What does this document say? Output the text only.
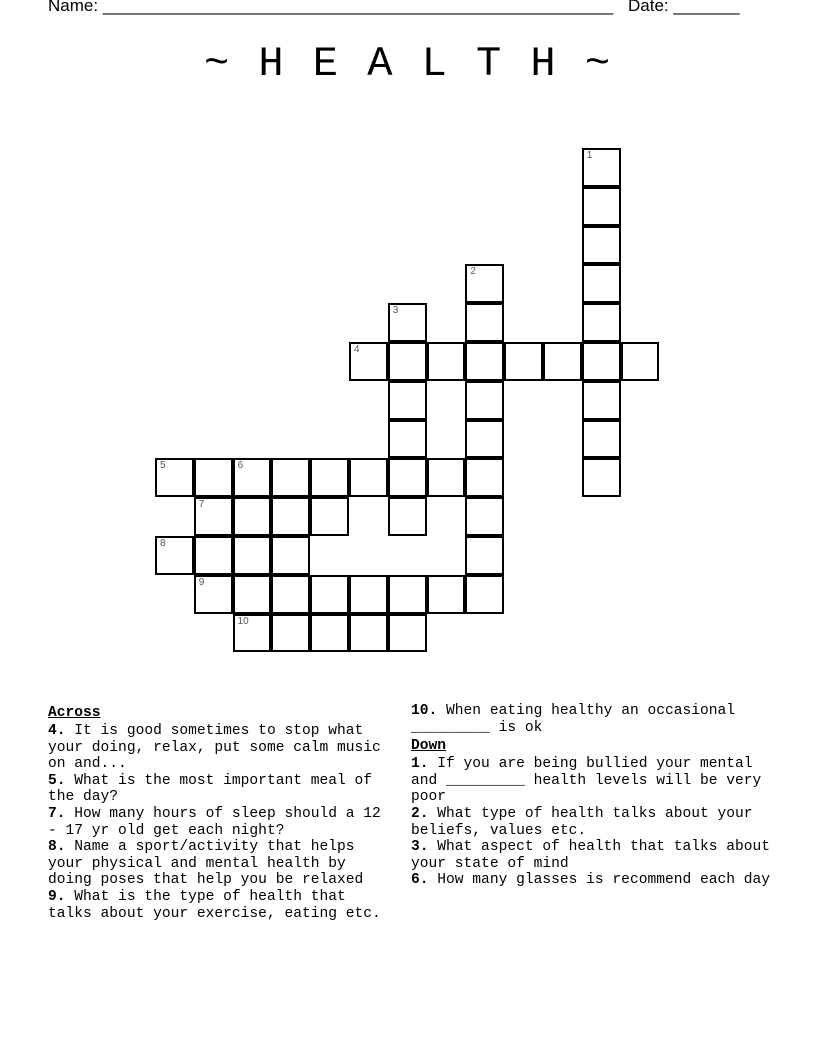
Name: ______________________________________________________ Date: _______
~ H E A L T H ~
1
2
3
4
5	6
7
8
9
10
Across
4. It is good sometimes to stop what your doing, relax, put some calm music on and...
5. What is the most important meal of the day?
7. How many hours of sleep should a 12 - 17 yr old get each night?
8. Name a sport/activity that helps your physical and mental health by doing poses that help you be relaxed
9. What is the type of health that talks about your exercise, eating etc.
10. When eating healthy an occasional _________ is ok
Down
1. If you are being bullied your mental and _________ health levels will be very poor
2. What type of health talks about your beliefs, values etc.
3. What aspect of health that talks about your state of mind
6. How many glasses is recommend each day
